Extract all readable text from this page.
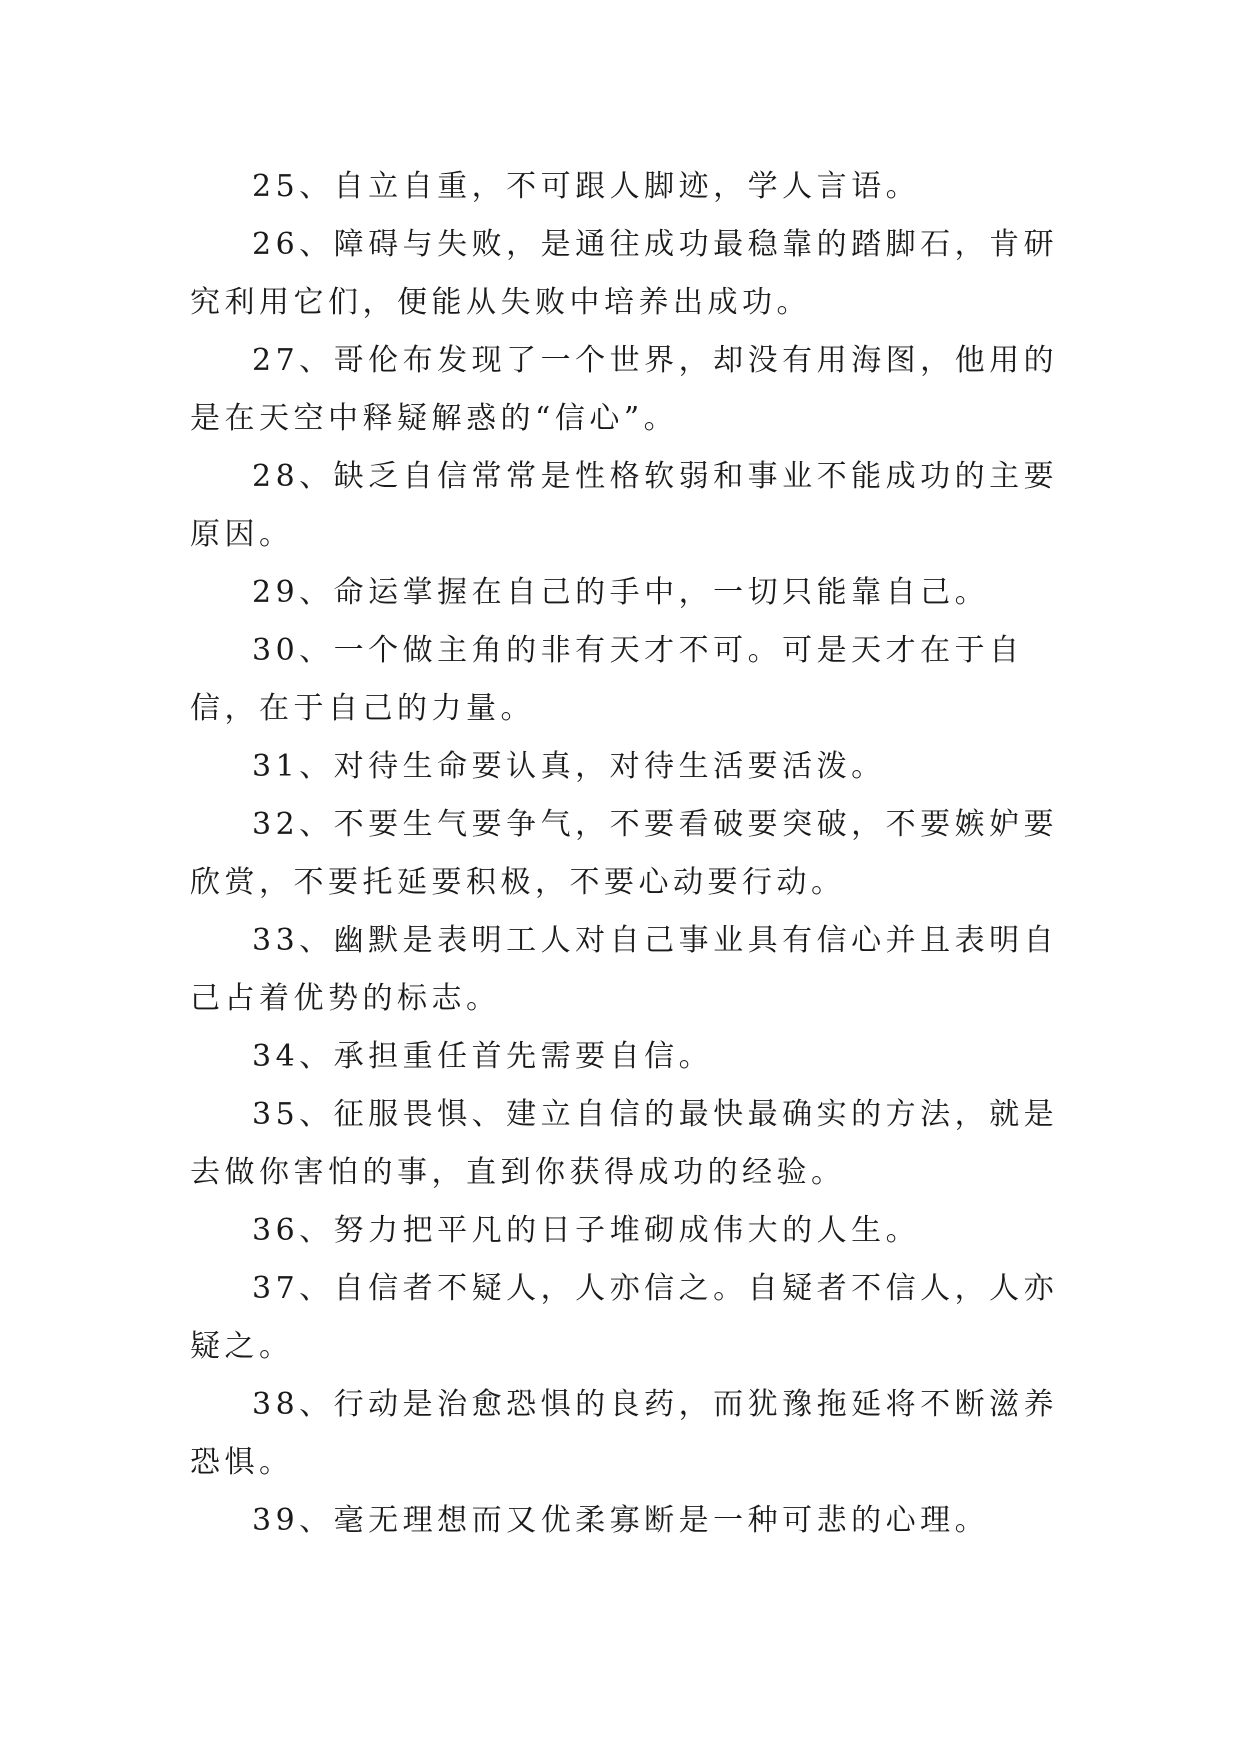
25、自立自重，不可跟人脚迹，学人言语。

26、障碍与失败，是通往成功最稳靠的踏脚石，肯研究利用它们，便能从失败中培养出成功。

27、哥伦布发现了一个世界，却没有用海图，他用的是在天空中释疑解惑的“信心”。

28、缺乏自信常常是性格软弱和事业不能成功的主要原因。

29、命运掌握在自己的手中，一切只能靠自己。

30、一个做主角的非有天才不可。可是天才在于自信，在于自己的力量。

31、对待生命要认真，对待生活要活泼。

32、不要生气要争气，不要看破要突破，不要嫉妒要欣赏，不要托延要积极，不要心动要行动。

33、幽默是表明工人对自己事业具有信心并且表明自己占着优势的标志。

34、承担重任首先需要自信。

35、征服畏惧、建立自信的最快最确实的方法，就是去做你害怕的事，直到你获得成功的经验。

36、努力把平凡的日子堆砌成伟大的人生。

37、自信者不疑人，人亦信之。自疑者不信人，人亦疑之。

38、行动是治愈恐惧的良药，而犹豫拖延将不断滋养恐惧。

39、毫无理想而又优柔寡断是一种可悲的心理。
